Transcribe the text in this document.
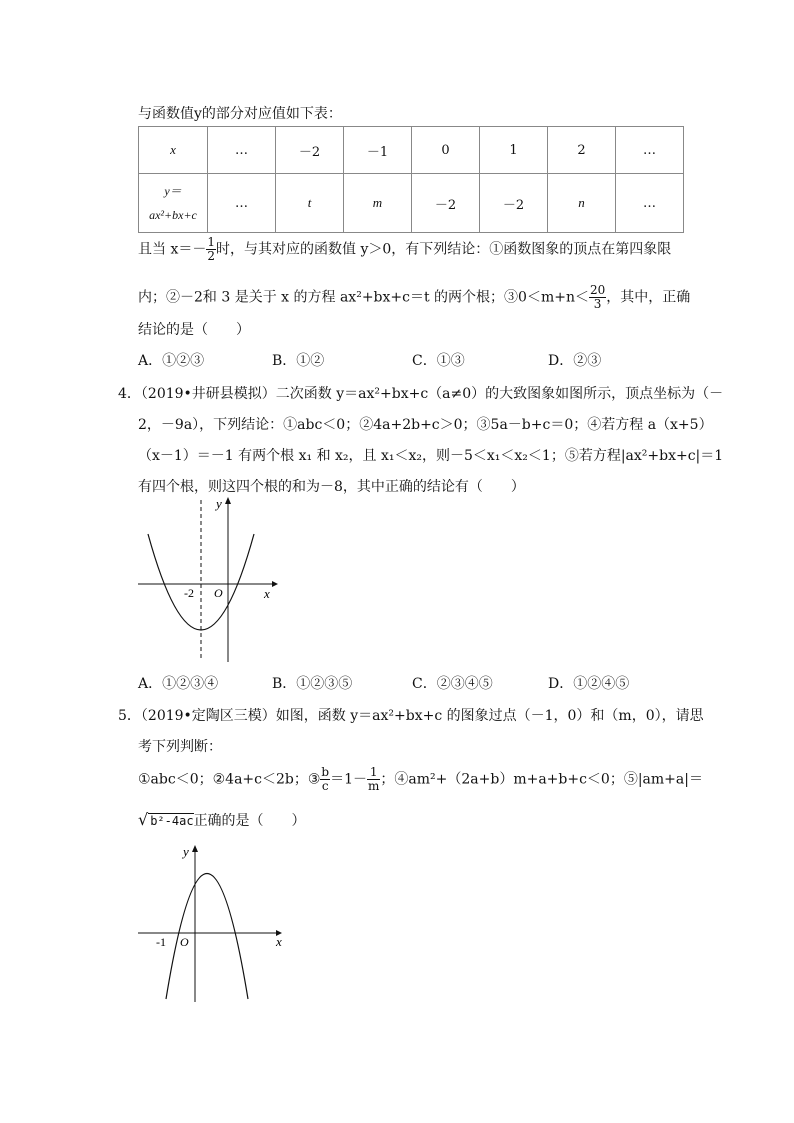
与函数值y的部分对应值如下表：
x	…	－2	－1	0	1	2	…
y＝
ax²+bx+c	…	t	m	－2	－2	n	…
且当 $x=- \frac{1}{2}$ 时，与其对应的函数值 y＞0，有下列结论：①函数图象的顶点在第四象限
内；②－2和 3 是关于 x 的方程 ax²+bx+c＝t 的两个根；③0＜m+n＜ $\frac{20}{3}$ ，其中，正确
结论的是（　　）
A．①②③	B．①②	C．①③	D．②③
4．（2019•井研县模拟）二次函数 y＝ax²+bx+c（a≠0）的大致图象如图所示，顶点坐标为（－
2，－9a），下列结论：①abc＜0；②4a+2b+c＞0；③5a－b+c＝0；④若方程 a（x+5）
（x－1）＝－1 有两个根 x₁ 和 x₂，且 x₁＜x₂，则－5＜x₁＜x₂＜1；⑤若方程|ax²+bx+c|＝1
有四个根，则这四个根的和为－8，其中正确的结论有（　　）
y
x
O
-2
A．①②③④	B．①②③⑤	C．②③④⑤	D．①②④⑤
5．（2019•定陶区三模）如图，函数 y＝ax²+bx+c 的图象过点（－1，0）和（m，0），请思
考下列判断：
①abc＜0；②4a+c＜2b；③ $\frac{b}{c} =1- \frac{1}{m}$ ；④am²+（2a+b）m+a+b+c＜0；⑤|am+a|＝
√ b²-4ac正确的是（　　）
y
x
O
-1
